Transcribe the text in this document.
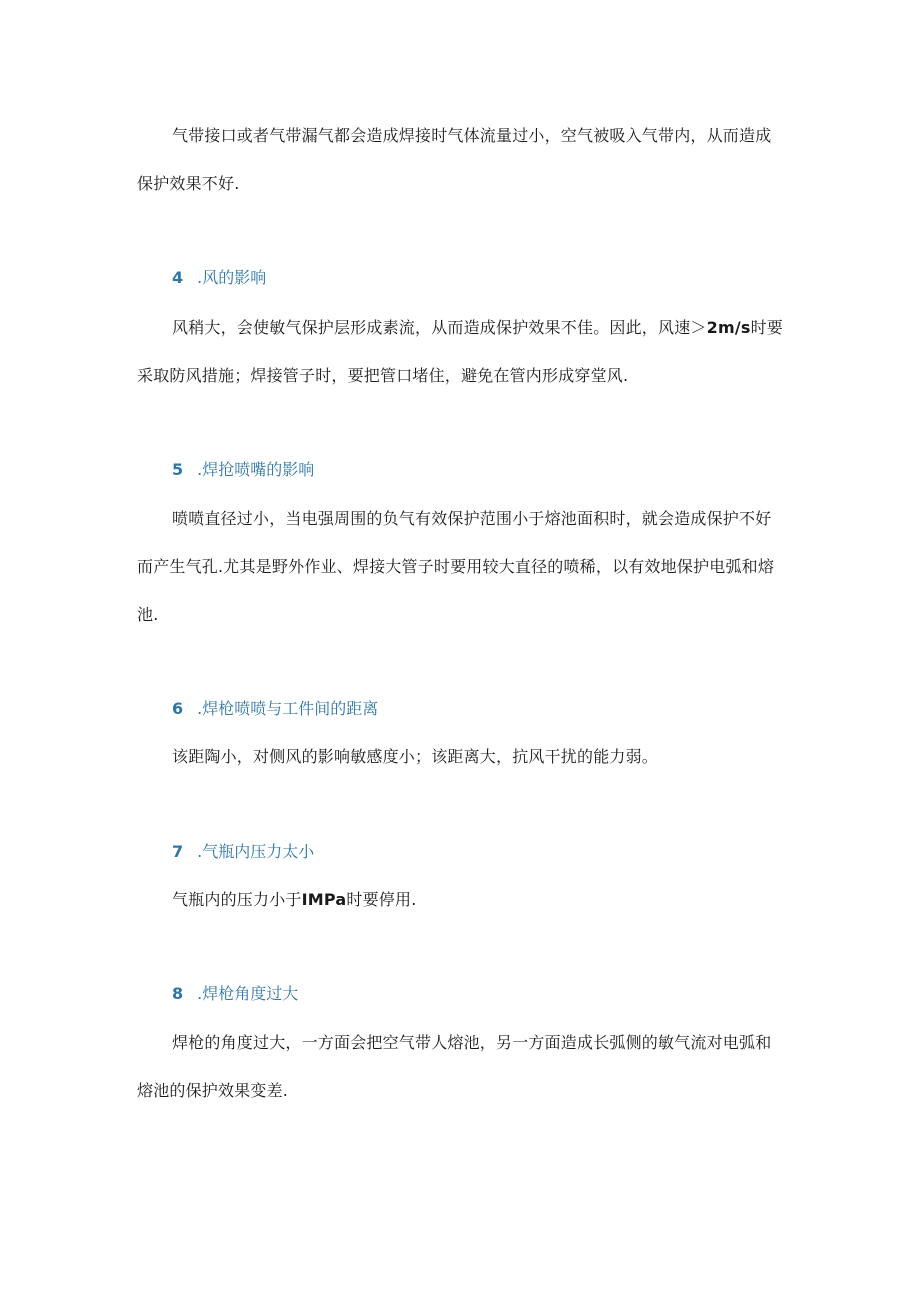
气带接口或者气带漏气都会造成焊接时气体流量过小，空气被吸入气带内，从而造成保护效果不好.

4 .风的影响

风稍大，会使敏气保护层形成素流，从而造成保护效果不佳。因此，风速＞2m/s时要采取防风措施；焊接管子时，要把管口堵住，避免在管内形成穿堂风.

5 .焊抢喷嘴的影响

喷喷直径过小，当电强周围的负气有效保护范围小于熔池面积时，就会造成保护不好而产生气孔.尤其是野外作业、焊接大管子时要用较大直径的喷稀，以有效地保护电弧和熔池.

6 .焊枪喷喷与工件间的距离

该距陶小，对侧风的影响敏感度小；该距离大，抗风干扰的能力弱。

7 .气瓶内压力太小

气瓶内的压力小于IMPa时要停用.

8 .焊枪角度过大

焊枪的角度过大，一方面会把空气带人熔池，另一方面造成长弧侧的敏气流对电弧和熔池的保护效果变差.
